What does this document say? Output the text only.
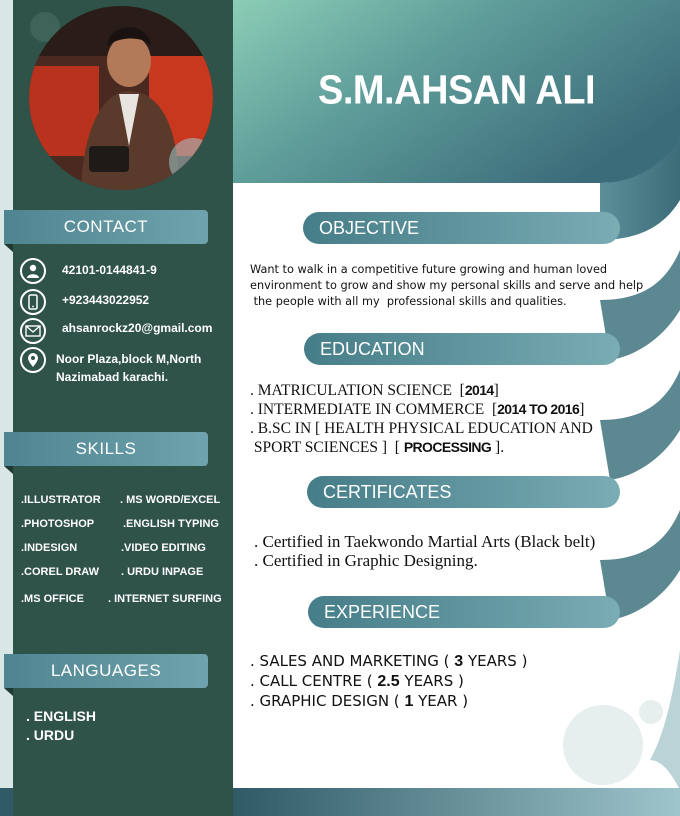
CONTACT
42101-0144841-9
+923443022952
ahsanrockz20@gmail.com
Noor Plaza,block M,North
Nazimabad karachi.
SKILLS
.ILLUSTRATOR . MS WORD/EXCEL
.PHOTOSHOP	.ENGLISH TYPING
.INDESIGN	.VIDEO EDITING
.COREL DRAW . URDU INPAGE
.MS OFFICE . INTERNET SURFING
LANGUAGES
. ENGLISH
. URDU
S.M.AHSAN ALI
OBJECTIVE
Want to walk in a competitive future growing and human loved
environment to grow and show my personal skills and serve and help
the people with all my  professional skills and qualities.
EDUCATION
. MATRICULATION SCIENCE  [2014]
. INTERMEDIATE IN COMMERCE  [2014 TO 2016]
. B.SC IN [ HEALTH PHYSICAL EDUCATION AND
SPORT SCIENCES ]  [ PROCESSING ].
CERTIFICATES
. Certified in Taekwondo Martial Arts (Black belt)
. Certified in Graphic Designing.
EXPERIENCE
. SALES AND MARKETING ( 3 YEARS )
. CALL CENTRE ( 2.5 YEARS )
. GRAPHIC DESIGN ( 1 YEAR )
